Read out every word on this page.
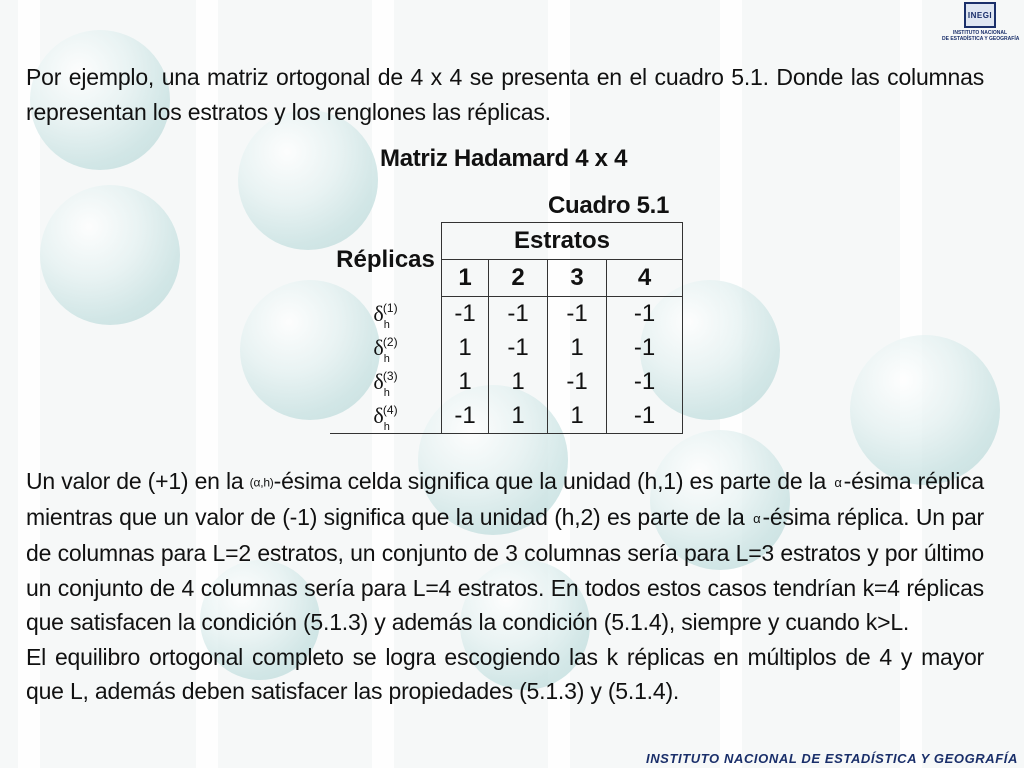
INEGI
INSTITUTO NACIONAL
DE ESTADÍSTICA Y GEOGRAFÍA
Por ejemplo, una matriz ortogonal de 4 x 4 se presenta en el cuadro 5.1. Donde las columnas representan los estratos y los renglones las réplicas.
Matriz Hadamard 4 x 4
Cuadro 5.1
Réplicas	Estratos			
	1	2	3	4
$\delta_h^{(1)}$	-1	-1	-1	-1
$\delta_h^{(2)}$	1	-1	1	-1
$\delta_h^{(3)}$	1	1	-1	-1
$\delta_h^{(4)}$	-1	1	1	-1
Un valor de (+1) en la (α,h)-ésima celda significa que la unidad (h,1) es parte de la α-ésima réplica mientras que un valor de (-1) significa que la unidad (h,2) es parte de la α-ésima réplica. Un par de columnas para L=2 estratos, un conjunto de 3 columnas sería para L=3 estratos y por último un conjunto de 4 columnas sería para L=4 estratos. En todos estos casos tendrían k=4 réplicas que satisfacen la condición (5.1.3) y además la condición (5.1.4), siempre y cuando k>L.
El equilibro ortogonal completo se logra escogiendo las k réplicas en múltiplos de 4 y mayor que L, además deben satisfacer las propiedades (5.1.3) y (5.1.4).
INSTITUTO NACIONAL DE ESTADÍSTICA Y GEOGRAFÍA
